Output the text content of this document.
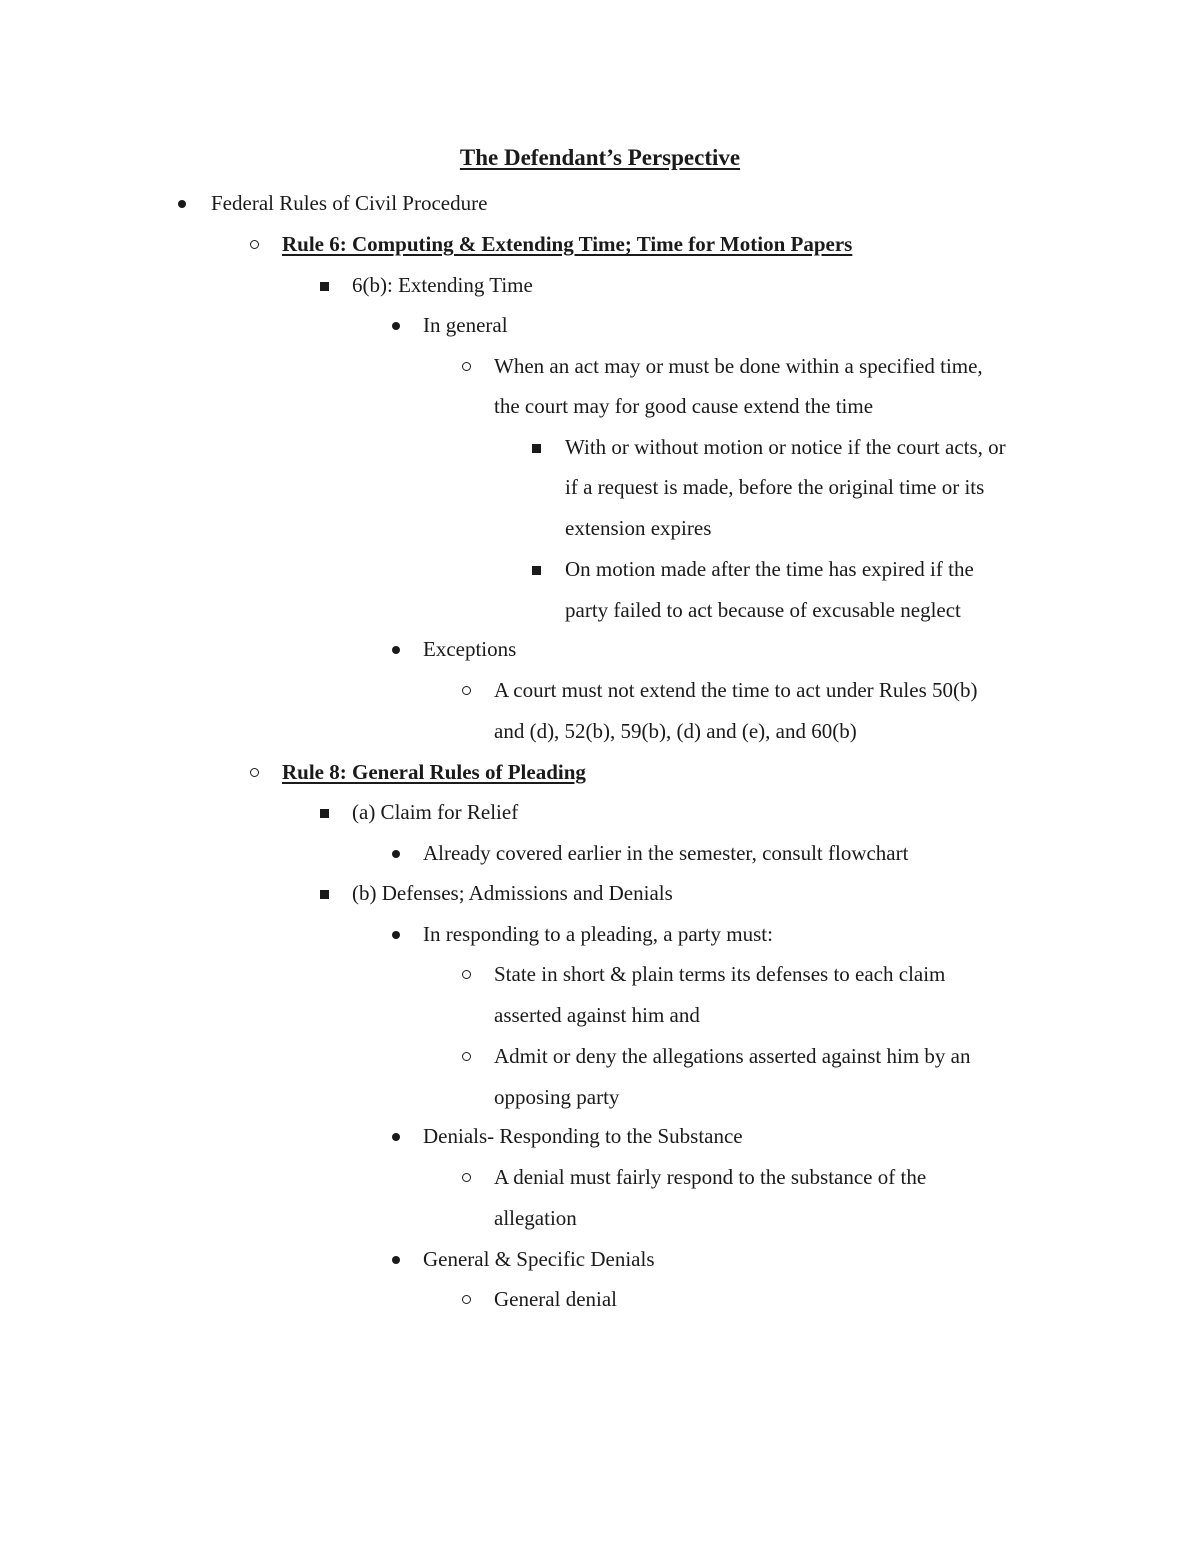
The Defendant’s Perspective
Federal Rules of Civil Procedure
Rule 6: Computing & Extending Time; Time for Motion Papers
6(b): Extending Time
In general
When an act may or must be done within a specified time,
the court may for good cause extend the time
With or without motion or notice if the court acts, or
if a request is made, before the original time or its
extension expires
On motion made after the time has expired if the
party failed to act because of excusable neglect
Exceptions
A court must not extend the time to act under Rules 50(b)
and (d), 52(b), 59(b), (d) and (e), and 60(b)
Rule 8: General Rules of Pleading
(a) Claim for Relief
Already covered earlier in the semester, consult flowchart
(b) Defenses; Admissions and Denials
In responding to a pleading, a party must:
State in short & plain terms its defenses to each claim
asserted against him and
Admit or deny the allegations asserted against him by an
opposing party
Denials- Responding to the Substance
A denial must fairly respond to the substance of the
allegation
General & Specific Denials
General denial
